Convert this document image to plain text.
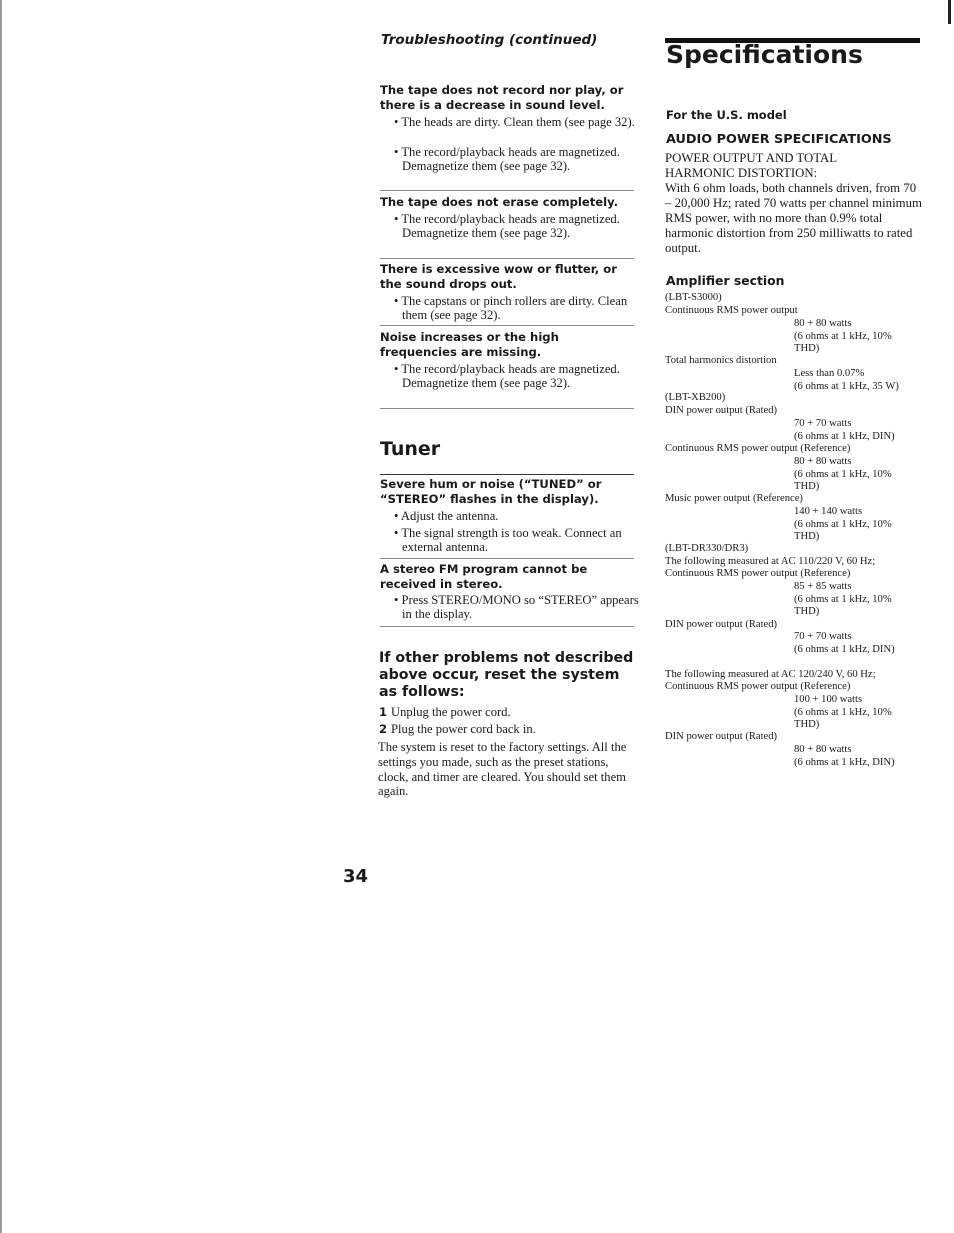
Troubleshooting (continued)
The tape does not record nor play, or there is a decrease in sound level.
• The heads are dirty. Clean them (see page 32).
• The record/playback heads are magnetized. Demagnetize them (see page 32).
The tape does not erase completely.
• The record/playback heads are magnetized. Demagnetize them (see page 32).
There is excessive wow or flutter, or the sound drops out.
• The capstans or pinch rollers are dirty. Clean them (see page 32).
Noise increases or the high frequencies are missing.
• The record/playback heads are magnetized. Demagnetize them (see page 32).
Tuner
Severe hum or noise (“TUNED” or “STEREO” flashes in the display).
• Adjust the antenna.
• The signal strength is too weak. Connect an external antenna.
A stereo FM program cannot be received in stereo.
• Press STEREO/MONO so “STEREO” appears in the display.
If other problems not described above occur, reset the system as follows:
1 Unplug the power cord.
2 Plug the power cord back in.
The system is reset to the factory settings. All the settings you made, such as the preset stations, clock, and timer are cleared. You should set them again.
34
Specifications
For the U.S. model
AUDIO POWER SPECIFICATIONS
POWER OUTPUT AND TOTAL HARMONIC DISTORTION:
With 6 ohm loads, both channels driven, from 70 – 20,000 Hz; rated 70 watts per channel minimum RMS power, with no more than 0.9% total harmonic distortion from 250 milliwatts to rated output.
Amplifier section
(LBT-S3000)
Continuous RMS power output
80 + 80 watts
(6 ohms at 1 kHz, 10%
THD)
Total harmonics distortion
Less than 0.07%
(6 ohms at 1 kHz, 35 W)
(LBT-XB200)
DIN power output (Rated)
70 + 70 watts
(6 ohms at 1 kHz, DIN)
Continuous RMS power output (Reference)
80 + 80 watts
(6 ohms at 1 kHz, 10%
THD)
Music power output (Reference)
140 + 140 watts
(6 ohms at 1 kHz, 10%
THD)
(LBT-DR330/DR3)
The following measured at AC 110/220 V, 60 Hz;
Continuous RMS power output (Reference)
85 + 85 watts
(6 ohms at 1 kHz, 10%
THD)
DIN power output (Rated)
70 + 70 watts
(6 ohms at 1 kHz, DIN)
The following measured at AC 120/240 V, 60 Hz;
Continuous RMS power output (Reference)
100 + 100 watts
(6 ohms at 1 kHz, 10%
THD)
DIN power output (Rated)
80 + 80 watts
(6 ohms at 1 kHz, DIN)
